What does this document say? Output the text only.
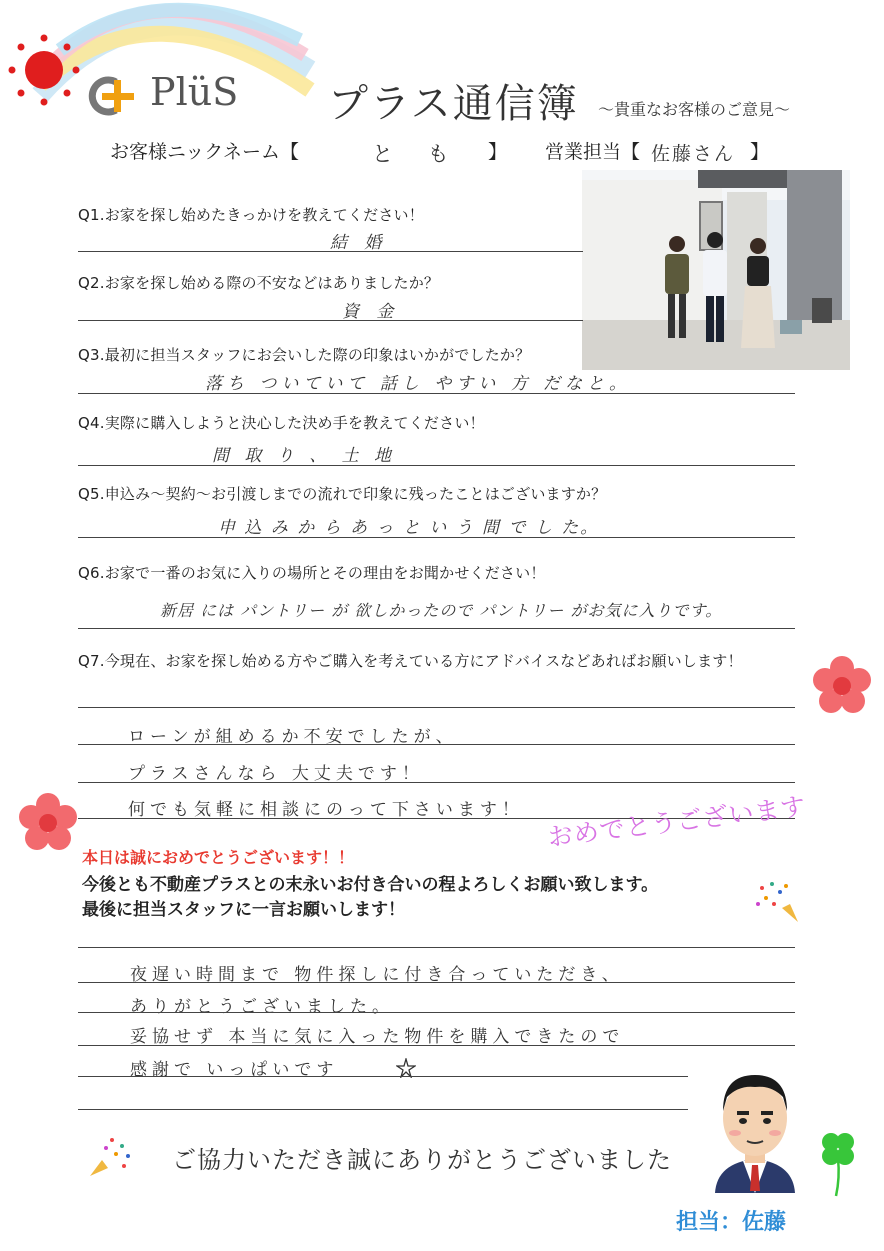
PlüS プラス通信簿 〜貴重なお客様のご意見〜
お客様ニックネーム【	と も 】 営業担当【 佐藤さん 】
Q1.お家を探し始めたきっかけを教えてください！
結 婚
Q2.お家を探し始める際の不安などはありましたか？
資 金
Q3.最初に担当スタッフにお会いした際の印象はいかがでしたか？
落ち ついていて 話し やすい 方 だなと。
Q4.実際に購入しようと決心した決め手を教えてください！
間 取 り 、 土 地
Q5.申込み〜契約〜お引渡しまでの流れで印象に残ったことはございますか？
申 込 み か ら あ っ と い う 間 で し た。
Q6.お家で一番のお気に入りの場所とその理由をお聞かせください！
新居 には パントリー が 欲しかったので パントリー がお気に入りです。
Q7.今現在、お家を探し始める方やご購入を考えている方にアドバイスなどあればお願いします！
ローンが組めるか不安でしたが、
プラスさんなら 大丈夫です！
何でも気軽に相談にのって下さいます！ おめでとうございます
本日は誠におめでとうございます！！
今後とも不動産プラスとの末永いお付き合いの程よろしくお願い致します。
最後に担当スタッフに一言お願いします！
夜遅い時間まで 物件探しに付き合っていただき、
ありがとうございました。
妥協せず 本当に気に入った物件を購入できたので
感謝で いっぱいです
ご協力いただき誠にありがとうございました
担当：佐藤
